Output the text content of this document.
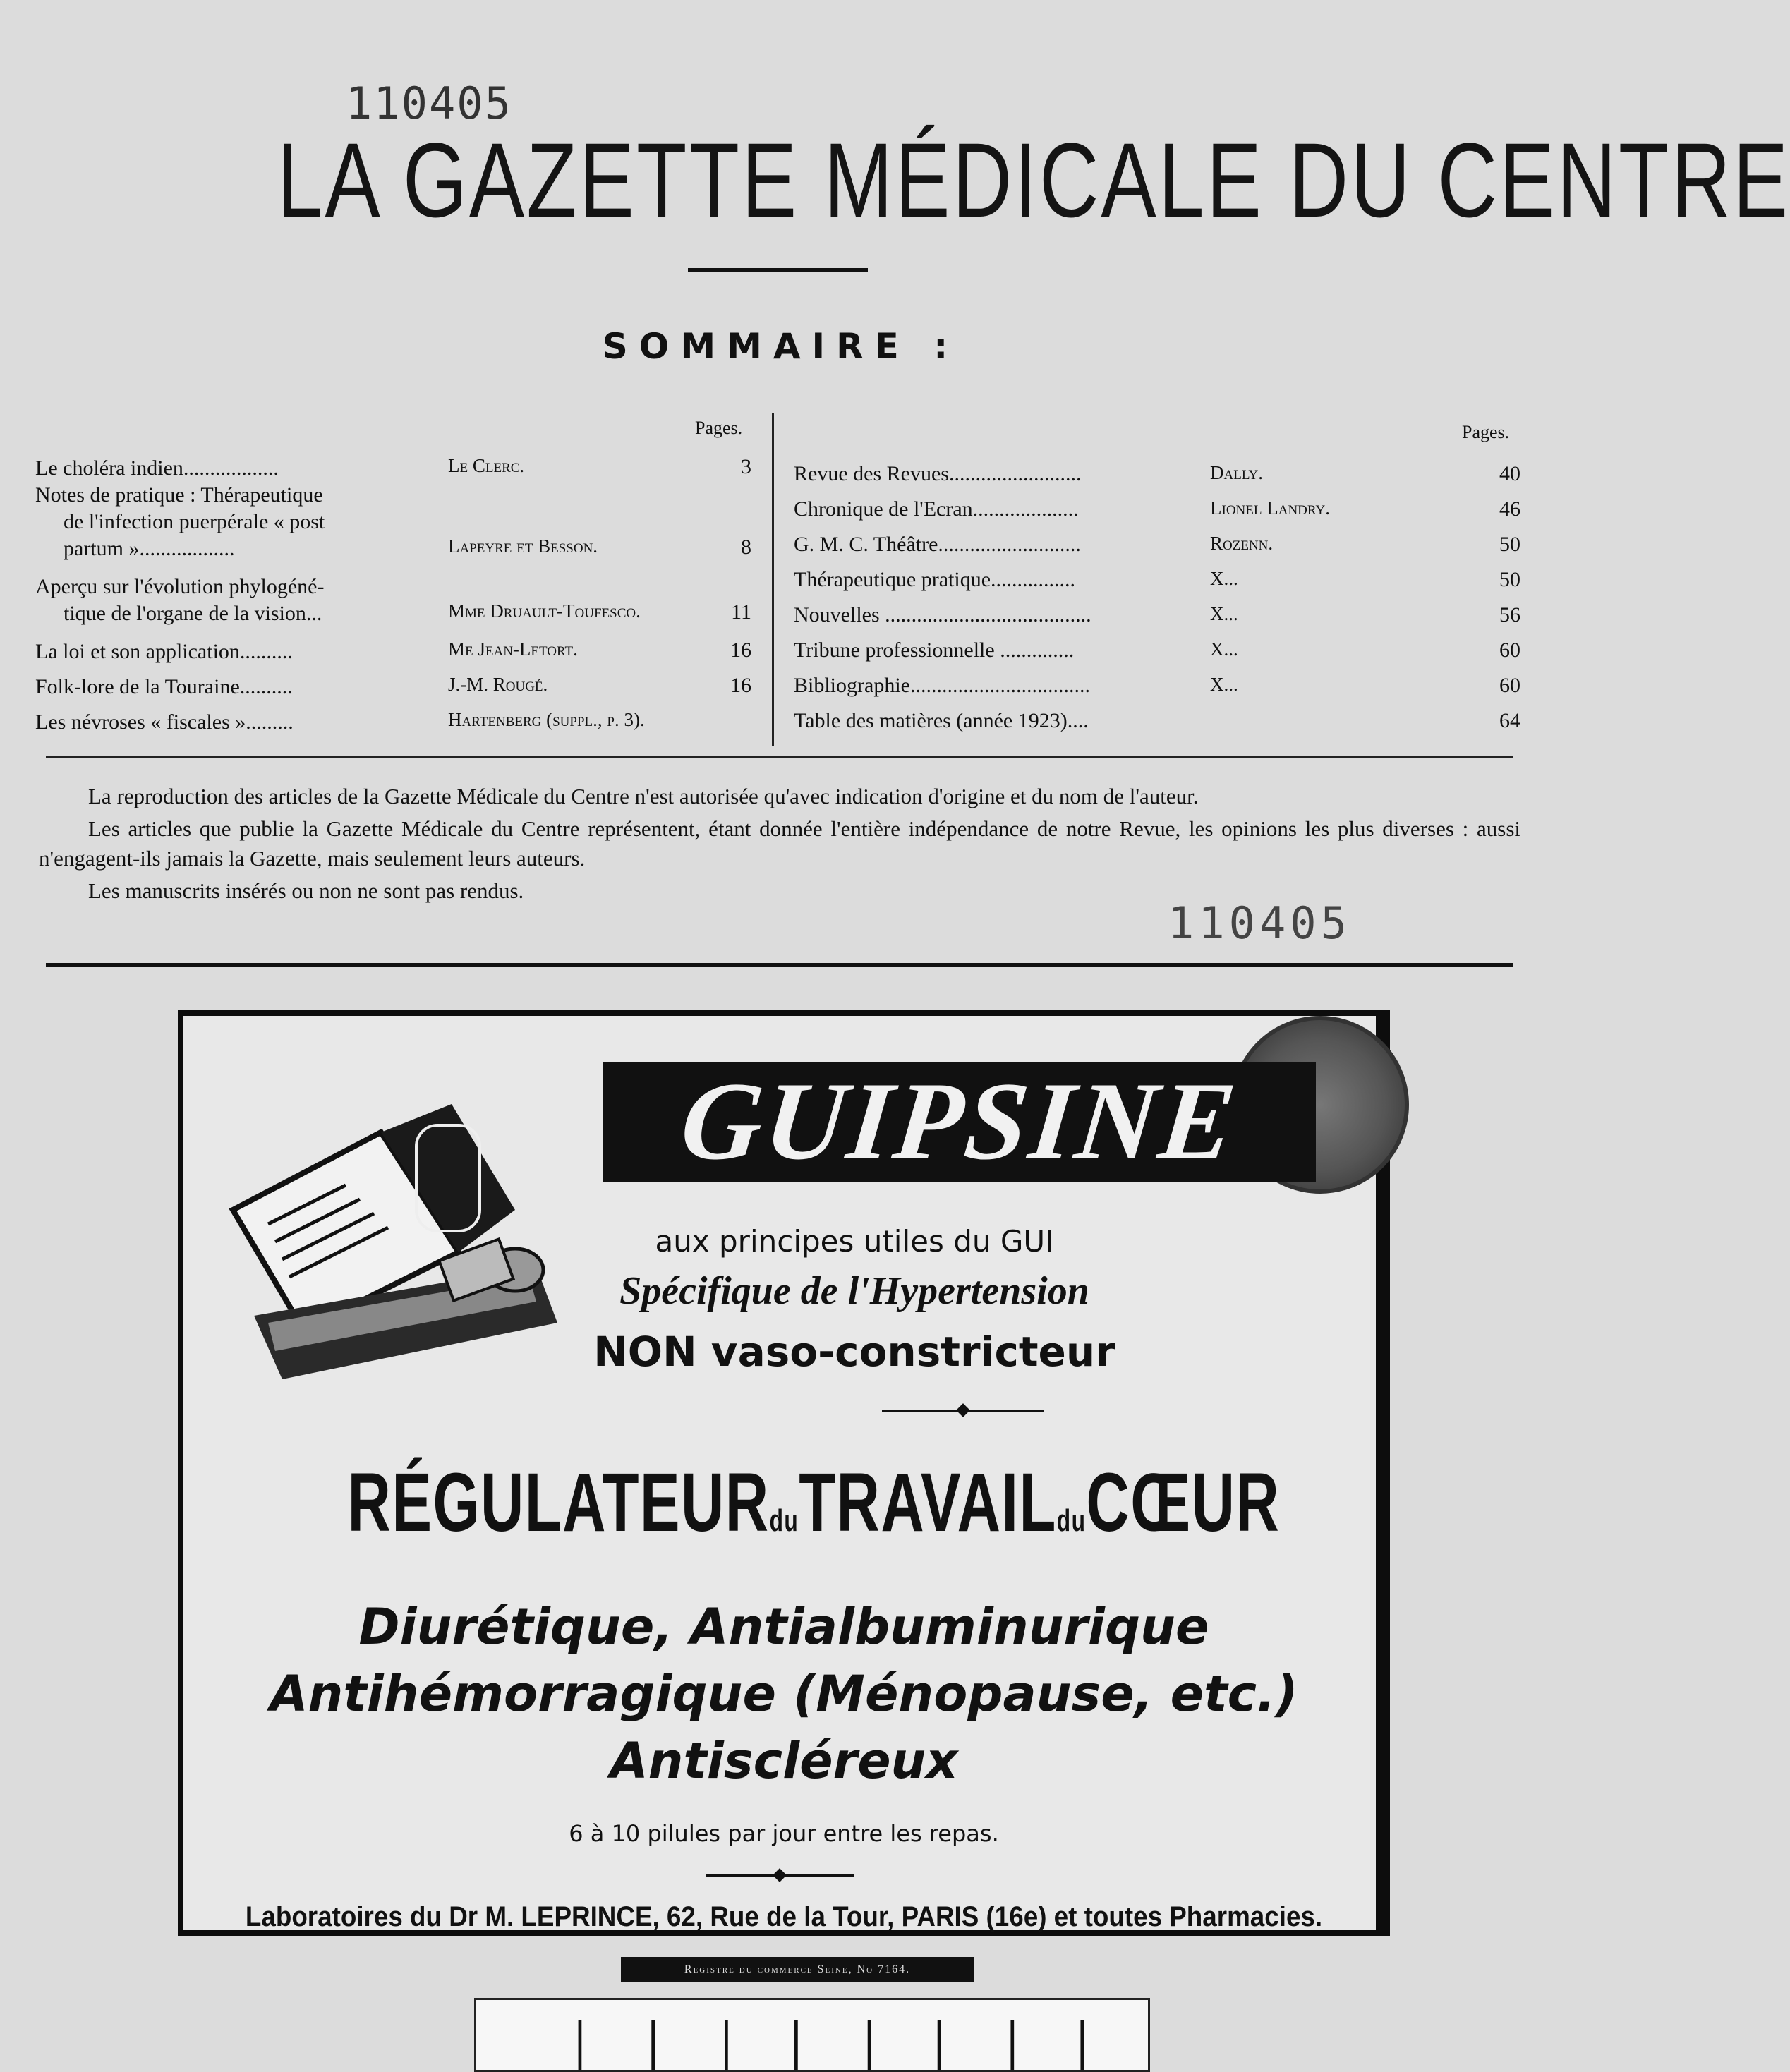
110405
LA GAZETTE MÉDICALE DU CENTRE
SOMMAIRE :
Pages.	Pages.
Le choléra indien..................	Le Clerc.	3
Notes de pratique : Thérapeutique
de l'infection puerpérale « post
partum »..................	Lapeyre et Besson.	8
Aperçu sur l'évolution phylogéné-
tique de l'organe de la vision...	Mme Druault-Toufesco.	11
La loi et son application..........	Me Jean-Letort.	16
Folk-lore de la Touraine..........	J.-M. Rougé.	16
Les névroses « fiscales ».........	Hartenberg (suppl., p. 3).
Revue des Revues.........................	Dally.	40
Chronique de l'Ecran....................	Lionel Landry.	46
G. M. C. Théâtre...........................	Rozenn.	50
Thérapeutique pratique................	X...	50
Nouvelles .......................................	X...	56
Tribune professionnelle ..............	X...	60
Bibliographie..................................	X...	60
Table des matières (année 1923)....	64

La reproduction des articles de la Gazette Médicale du Centre n'est autorisée qu'avec indication d'origine et du nom de l'auteur.

Les articles que publie la Gazette Médicale du Centre représentent, étant donnée l'entière indépendance de notre Revue, les opinions les plus diverses : aussi n'engagent-ils jamais la Gazette, mais seulement leurs auteurs.

Les manuscrits insérés ou non ne sont pas rendus.

110405
GUIPSINE
aux principes utiles du GUI
Spécifique de l'Hypertension
NON vaso-constricteur
RÉGULATEURduTRAVAILduCŒUR
Diurétique, Antialbuminurique
Antihémorragique (Ménopause, etc.)
Antiscléreux
6 à 10 pilules par jour entre les repas.
Laboratoires du Dr M. LEPRINCE, 62, Rue de la Tour, PARIS (16e) et toutes Pharmacies.
Registre du commerce Seine, No 7164.
